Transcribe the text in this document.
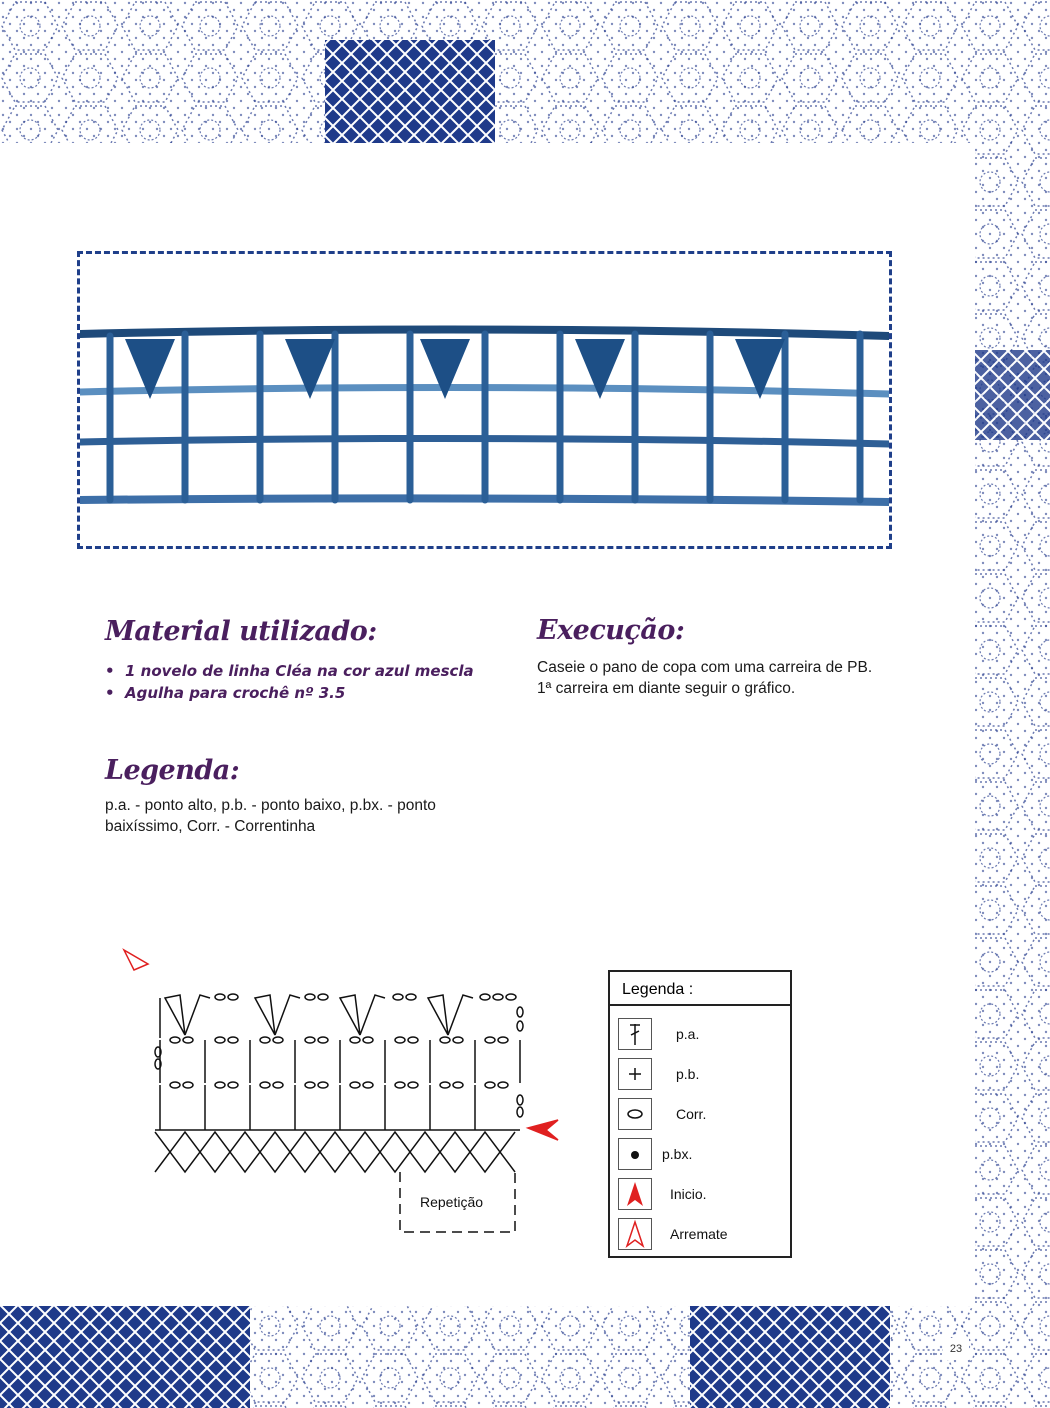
Material utilizado:
• 1 novelo de linha Cléa na cor azul mescla
• Agulha para crochê nº 3.5
Execução:
Caseie o pano de copa com uma carreira de PB.
1ª carreira em diante seguir o gráfico.
Legenda:
p.a. - ponto alto, p.b. - ponto baixo, p.bx. - ponto
baixíssimo, Corr. - Correntinha
Repetição
Legenda :
p.a.
p.b.
Corr.
p.bx.
Inicio.
Arremate
23
